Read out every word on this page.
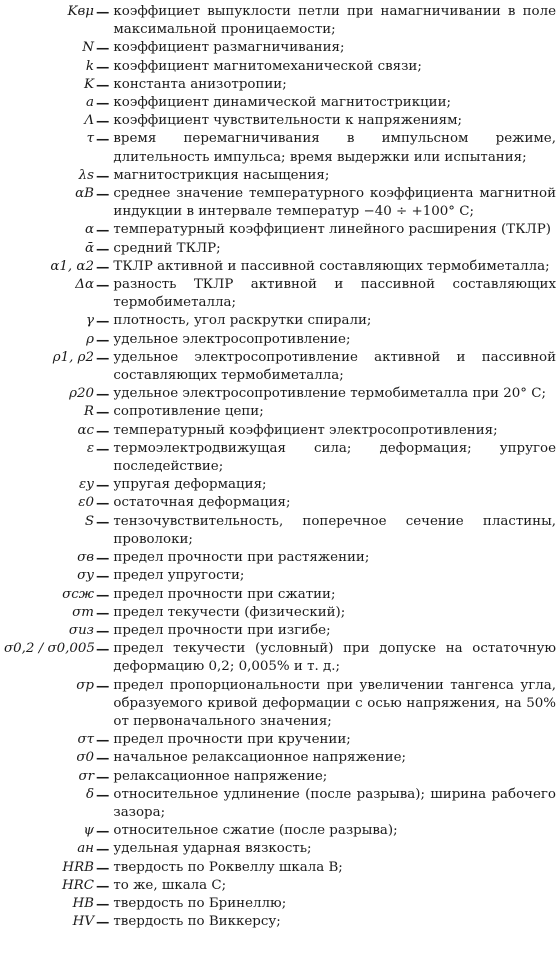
Kвμ — коэффициет выпуклости петли при намагничивании в поле максимальной проницаемости;
N — коэффициент размагничивания;
k — коэффициент магнитомеханической связи;
K — константа анизотропии;
a — коэффициент динамической магнитострикции;
Λ — коэффициент чувствительности к напряжениям;
τ — время перемагничивания в импульсном режиме, длительность импульса; время выдержки или испытания;
λs — магнитострикция насыщения;
αB — среднее значение температурного коэффициента магнитной индукции в интервале температур −40 ÷ +100° С;
α — температурный коэффициент линейного расширения (ТКЛР)
ᾱ — средний ТКЛР;
α1, α2 — ТКЛР активной и пассивной составляющих термобиметалла;
Δα — разность ТКЛР активной и пассивной составляющих термобиметалла;
γ — плотность, угол раскрутки спирали;
ρ — удельное электросопротивление;
ρ1, ρ2 — удельное электросопротивление активной и пассивной составляющих термобиметалла;
ρ20 — удельное электросопротивление термобиметалла при 20° С;
R — сопротивление цепи;
αc — температурный коэффициент электросопротивления;
ε — термоэлектродвижущая сила; деформация; упругое последействие;
εу — упругая деформация;
ε0 — остаточная деформация;
S — тензочувствительность, поперечное сечение пластины, проволоки;
σв — предел прочности при растяжении;
σу — предел упругости;
σсж — предел прочности при сжатии;
σт — предел текучести (физический);
σиз — предел прочности при изгибе;
σ0,2 / σ0,005 — предел текучести (условный) при допуске на остаточную деформацию 0,2; 0,005% и т. д.;
σp — предел пропорциональности при увеличении тангенса угла, образуемого кривой деформации с осью напряжения, на 50% от первоначального значения;
στ — предел прочности при кручении;
σ0 — начальное релаксационное напряжение;
σr — релаксационное напряжение;
δ — относительное удлинение (после разрыва); ширина рабочего зазора;
ψ — относительное сжатие (после разрыва);
aн — удельная ударная вязкость;
HRB — твердость по Роквеллу шкала B;
HRC — то же, шкала C;
HB — твердость по Бринеллю;
HV — твердость по Виккерсу;
